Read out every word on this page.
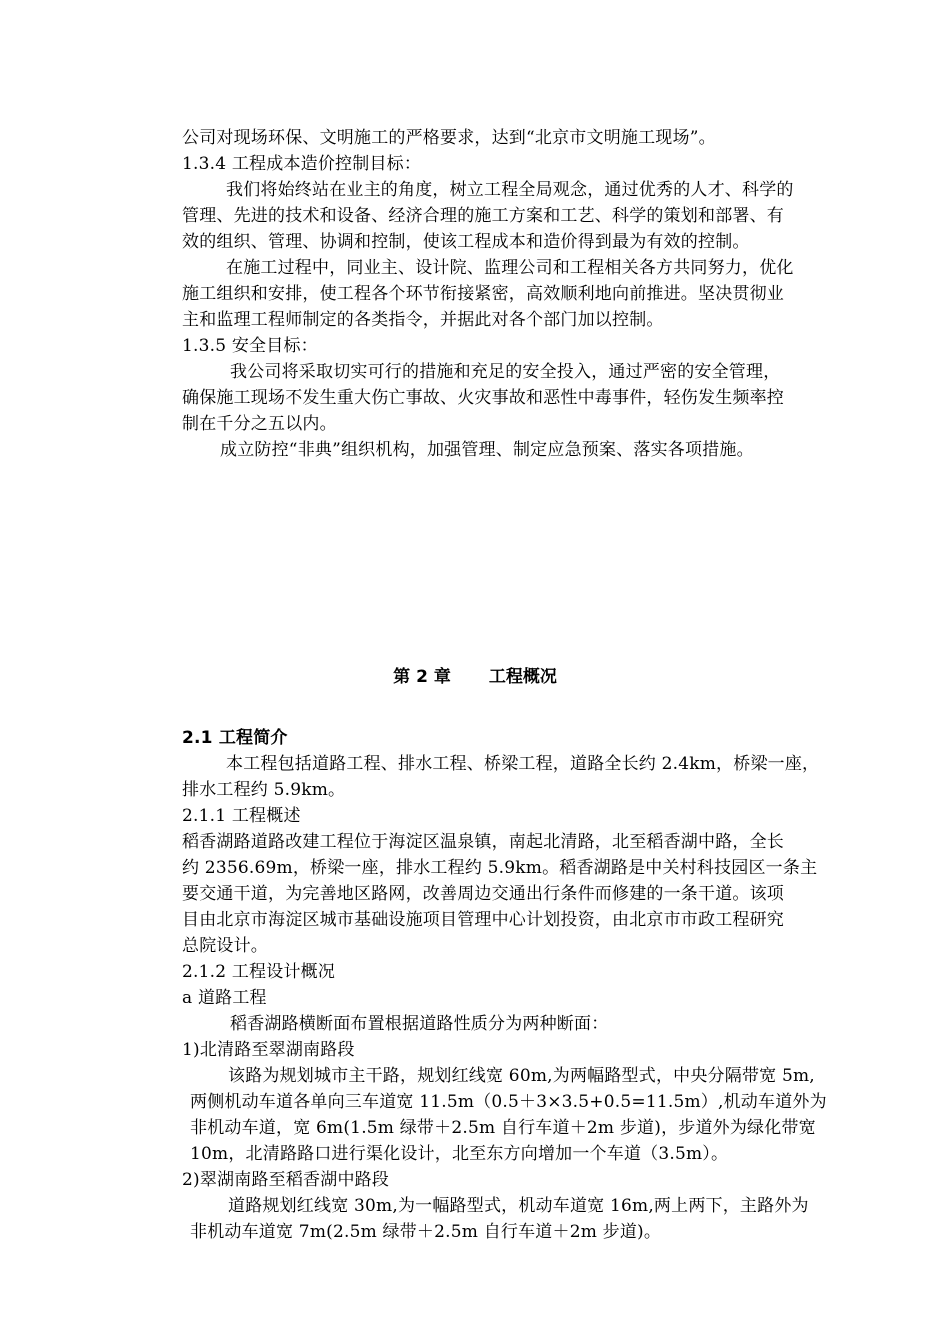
公司对现场环保、文明施工的严格要求，达到“北京市文明施工现场”。

1.3.4 工程成本造价控制目标：

我们将始终站在业主的角度，树立工程全局观念，通过优秀的人才、科学的

管理、先进的技术和设备、经济合理的施工方案和工艺、科学的策划和部署、有

效的组织、管理、协调和控制，使该工程成本和造价得到最为有效的控制。

在施工过程中，同业主、设计院、监理公司和工程相关各方共同努力，优化

施工组织和安排，使工程各个环节衔接紧密，高效顺利地向前推进。坚决贯彻业

主和监理工程师制定的各类指令，并据此对各个部门加以控制。

1.3.5 安全目标：

我公司将采取切实可行的措施和充足的安全投入，通过严密的安全管理，

确保施工现场不发生重大伤亡事故、火灾事故和恶性中毒事件，轻伤发生频率控

制在千分之五以内。

成立防控“非典”组织机构，加强管理、制定应急预案、落实各项措施。

第 2 章 工程概况

2.1 工程简介

本工程包括道路工程、排水工程、桥梁工程，道路全长约 2.4km，桥梁一座，

排水工程约 5.9km。

2.1.1 工程概述

稻香湖路道路改建工程位于海淀区温泉镇，南起北清路，北至稻香湖中路，全长

约 2356.69m，桥梁一座，排水工程约 5.9km。稻香湖路是中关村科技园区一条主

要交通干道，为完善地区路网，改善周边交通出行条件而修建的一条干道。该项

目由北京市海淀区城市基础设施项目管理中心计划投资，由北京市市政工程研究

总院设计。

2.1.2 工程设计概况

a 道路工程

稻香湖路横断面布置根据道路性质分为两种断面：

1)北清路至翠湖南路段

该路为规划城市主干路，规划红线宽 60m,为两幅路型式，中央分隔带宽 5m,

两侧机动车道各单向三车道宽 11.5m（0.5＋3×3.5+0.5=11.5m）,机动车道外为

非机动车道，宽 6m(1.5m 绿带＋2.5m 自行车道＋2m 步道)，步道外为绿化带宽

10m，北清路路口进行渠化设计，北至东方向增加一个车道（3.5m）。

2)翠湖南路至稻香湖中路段

道路规划红线宽 30m,为一幅路型式，机动车道宽 16m,两上两下，主路外为

非机动车道宽 7m(2.5m 绿带＋2.5m 自行车道＋2m 步道)。
